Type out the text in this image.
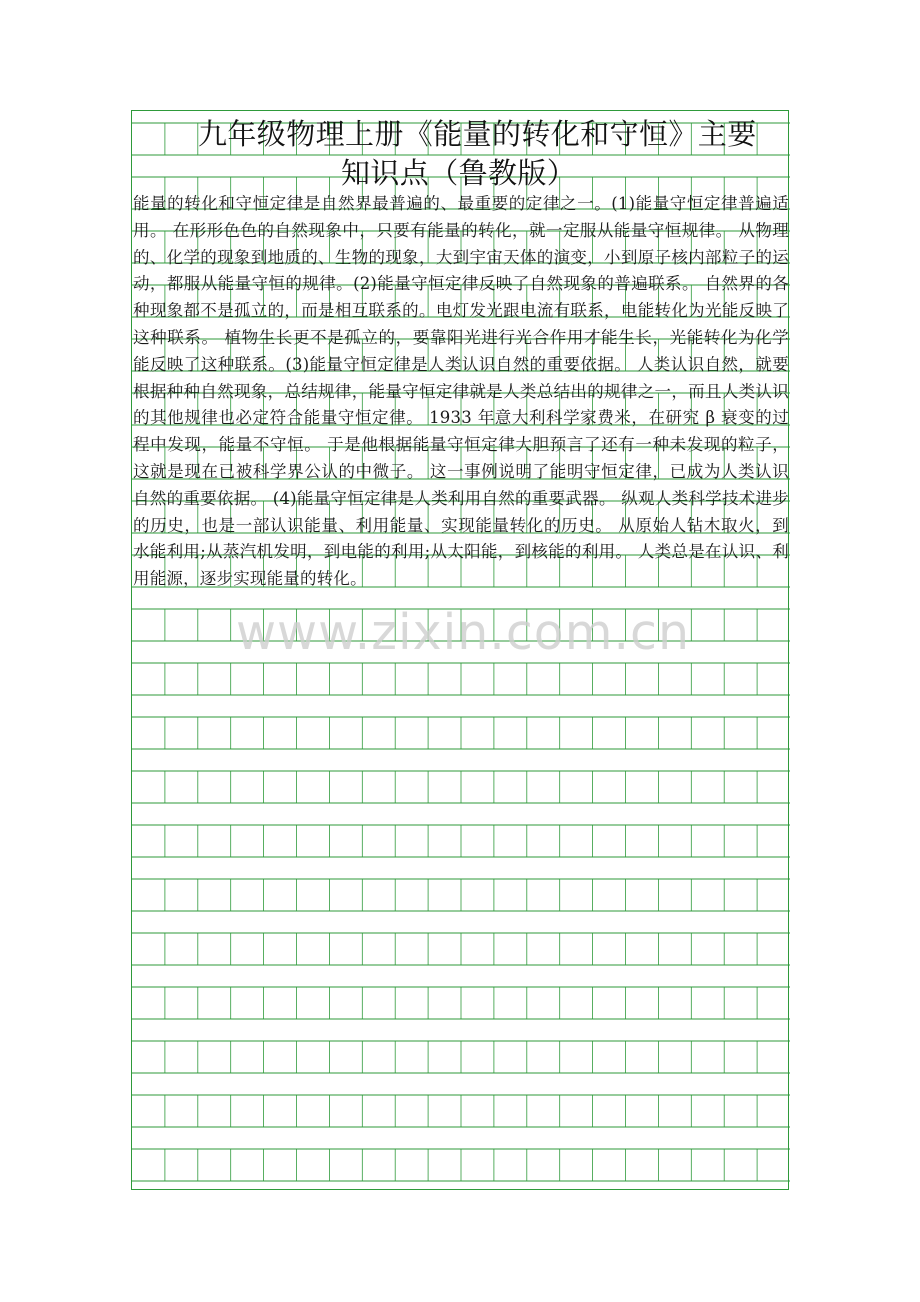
九年级物理上册《能量的转化和守恒》主要
知识点（鲁教版）

能量的转化和守恒定律是自然界最普遍的、最重要的定律之一。(1)能量守恒定律普遍适用。 在形形色色的自然现象中，只要有能量的转化，就一定服从能量守恒规律。 从物理的、化学的现象到地质的、生物的现象，大到宇宙天体的演变，小到原子核内部粒子的运动，都服从能量守恒的规律。(2)能量守恒定律反映了自然现象的普遍联系。 自然界的各种现象都不是孤立的，而是相互联系的。电灯发光跟电流有联系，电能转化为光能反映了这种联系。 植物生长更不是孤立的，要靠阳光进行光合作用才能生长，光能转化为化学能反映了这种联系。(3)能量守恒定律是人类认识自然的重要依据。 人类认识自然，就要根据种种自然现象，总结规律，能量守恒定律就是人类总结出的规律之一，而且人类认识的其他规律也必定符合能量守恒定律。 1933 年意大利科学家费米，在研究 β 衰变的过程中发现，能量不守恒。 于是他根据能量守恒定律大胆预言了还有一种未发现的粒子，这就是现在已被科学界公认的中微子。 这一事例说明了能明守恒定律，已成为人类认识自然的重要依据。 (4)能量守恒定律是人类利用自然的重要武器。 纵观人类科学技术进步的历史，也是一部认识能量、利用能量、实现能量转化的历史。 从原始人钻木取火，到水能利用;从蒸汽机发明，到电能的利用;从太阳能，到核能的利用。 人类总是在认识、利用能源，逐步实现能量的转化。

www.zixin.com.cn
